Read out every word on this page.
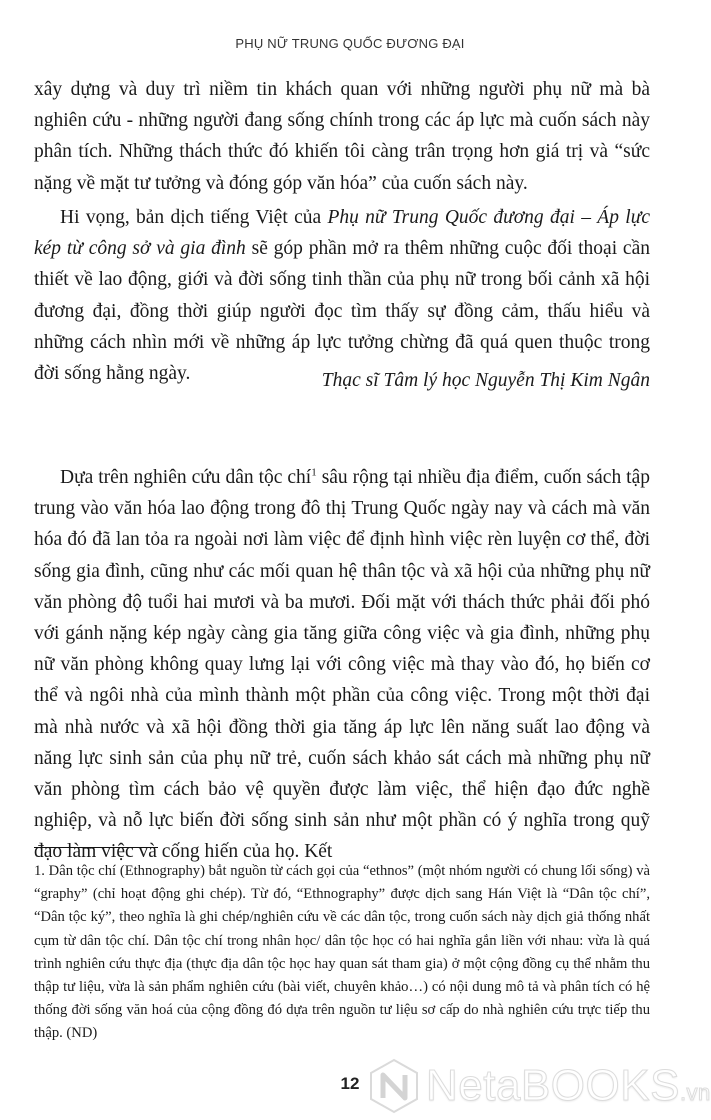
PHỤ NỮ TRUNG QUỐC ĐƯƠNG ĐẠI

xây dựng và duy trì niềm tin khách quan với những người phụ nữ mà bà nghiên cứu - những người đang sống chính trong các áp lực mà cuốn sách này phân tích. Những thách thức đó khiến tôi càng trân trọng hơn giá trị và “sức nặng về mặt tư tưởng và đóng góp văn hóa” của cuốn sách này.

Hi vọng, bản dịch tiếng Việt của Phụ nữ Trung Quốc đương đại – Áp lực kép từ công sở và gia đình sẽ góp phần mở ra thêm những cuộc đối thoại cần thiết về lao động, giới và đời sống tinh thần của phụ nữ trong bối cảnh xã hội đương đại, đồng thời giúp người đọc tìm thấy sự đồng cảm, thấu hiểu và những cách nhìn mới về những áp lực tưởng chừng đã quá quen thuộc trong đời sống hằng ngày.	Thạc sĩ Tâm lý học Nguyễn Thị Kim Ngân

Dựa trên nghiên cứu dân tộc chí$^1$ sâu rộng tại nhiều địa điểm, cuốn sách tập trung vào văn hóa lao động trong đô thị Trung Quốc ngày nay và cách mà văn hóa đó đã lan tỏa ra ngoài nơi làm việc để định hình việc rèn luyện cơ thể, đời sống gia đình, cũng như các mối quan hệ thân tộc và xã hội của những phụ nữ văn phòng độ tuổi hai mươi và ba mươi. Đối mặt với thách thức phải đối phó với gánh nặng kép ngày càng gia tăng giữa công việc và gia đình, những phụ nữ văn phòng không quay lưng lại với công việc mà thay vào đó, họ biến cơ thể và ngôi nhà của mình thành một phần của công việc. Trong một thời đại mà nhà nước và xã hội đồng thời gia tăng áp lực lên năng suất lao động và năng lực sinh sản của phụ nữ trẻ, cuốn sách khảo sát cách mà những phụ nữ văn phòng tìm cách bảo vệ quyền được làm việc, thể hiện đạo đức nghề nghiệp, và nỗ lực biến đời sống sinh sản như một phần có ý nghĩa trong quỹ đạo làm việc và cống hiến của họ. Kết

1. Dân tộc chí (Ethnography) bắt nguồn từ cách gọi của “ethnos” (một nhóm người có chung lối sống) và “graphy” (chỉ hoạt động ghi chép). Từ đó, “Ethnography” được dịch sang Hán Việt là “Dân tộc chí”, “Dân tộc ký”, theo nghĩa là ghi chép/nghiên cứu về các dân tộc, trong cuốn sách này dịch giả thống nhất cụm từ dân tộc chí. Dân tộc chí trong nhân học/ dân tộc học có hai nghĩa gắn liền với nhau: vừa là quá trình nghiên cứu thực địa (thực địa dân tộc học hay quan sát tham gia) ở một cộng đồng cụ thể nhằm thu thập tư liệu, vừa là sản phẩm nghiên cứu (bài viết, chuyên khảo…) có nội dung mô tả và phân tích có hệ thống đời sống văn hoá của cộng đồng đó dựa trên nguồn tư liệu sơ cấp do nhà nghiên cứu trực tiếp thu thập. (ND)

12	NetaBOOKS.vn
